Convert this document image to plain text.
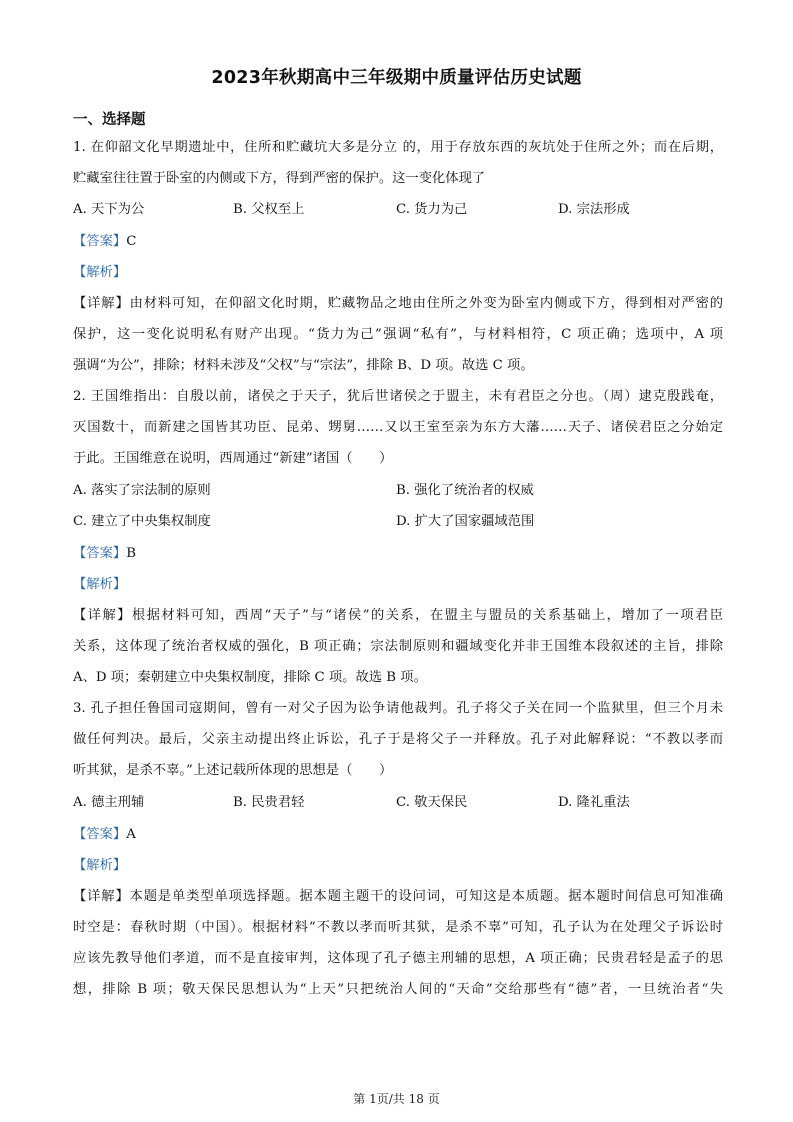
2023年秋期高中三年级期中质量评估历史试题
一、选择题
1. 在仰韶文化早期遗址中，住所和贮藏坑大多是分立 的，用于存放东西的灰坑处于住所之外；而在后期，
贮藏室往往置于卧室的内侧或下方，得到严密的保护。这一变化体现了
A. 天下为公	B. 父权至上	C. 货力为己	D. 宗法形成
【答案】C
【解析】
【详解】由材料可知，在仰韶文化时期，贮藏物品之地由住所之外变为卧室内侧或下方，得到相对严密的
保护，这一变化说明私有财产出现。“货力为己”强调“私有”，与材料相符，C 项正确；选项中，A 项
强调“为公”，排除；材料未涉及“父权”与“宗法”，排除 B、D 项。故选 C 项。
2. 王国维指出：自殷以前，诸侯之于天子，犹后世诸侯之于盟主，未有君臣之分也。（周）逮克殷践奄，
灭国数十，而新建之国皆其功臣、昆弟、甥舅……又以王室至亲为东方大藩……天子、诸侯君臣之分始定
于此。王国维意在说明，西周通过“新建”诸国（　　）
A. 落实了宗法制的原则	B. 强化了统治者的权威
C. 建立了中央集权制度	D. 扩大了国家疆域范围
【答案】B
【解析】
【详解】根据材料可知，西周“天子”与“诸侯”的关系，在盟主与盟员的关系基础上，增加了一项君臣
关系，这体现了统治者权威的强化，B 项正确；宗法制原则和疆域变化并非王国维本段叙述的主旨，排除
A、D 项；秦朝建立中央集权制度，排除 C 项。故选 B 项。
3. 孔子担任鲁国司寇期间，曾有一对父子因为讼争请他裁判。孔子将父子关在同一个监狱里，但三个月未
做任何判决。最后，父亲主动提出终止诉讼，孔子于是将父子一并释放。孔子对此解释说：“不教以孝而
听其狱，是杀不辜。”上述记载所体现的思想是（　　）
A. 德主刑辅	B. 民贵君轻	C. 敬天保民	D. 隆礼重法
【答案】A
【解析】
【详解】本题是单类型单项选择题。据本题主题干的设问词，可知这是本质题。据本题时间信息可知准确
时空是：春秋时期（中国）。根据材料“不教以孝而听其狱，是杀不辜”可知，孔子认为在处理父子诉讼时
应该先教导他们孝道，而不是直接审判，这体现了孔子德主刑辅的思想，A 项正确；民贵君轻是孟子的思
想，排除 B 项；敬天保民思想认为“上天”只把统治人间的“天命”交给那些有“德”者，一旦统治者“失
第 1页/共 18 页
